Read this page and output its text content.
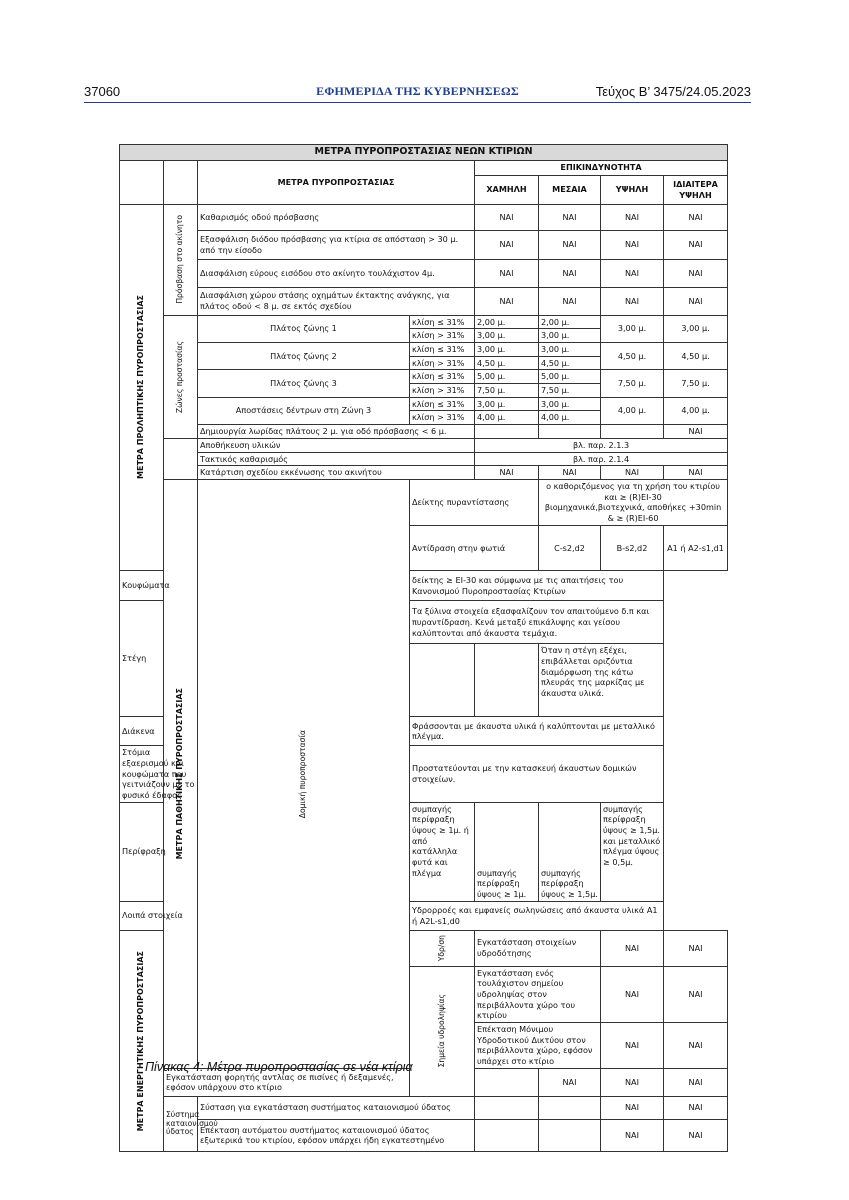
37060	ΕΦΗΜΕΡΙΔΑ ΤΗΣ ΚΥΒΕΡΝΗΣΕΩΣ	Τεύχος Β’ 3475/24.05.2023
ΜΕΤΡΑ ΠΥΡΟΠΡΟΣΤΑΣΙΑΣ ΝΕΩΝ ΚΤΙΡΙΩΝ								
		ΜΕΤΡΑ ΠΥΡΟΠΡΟΣΤΑΣΙΑΣ		ΕΠΙΚΙΝΔΥΝΟΤΗΤΑ				
				ΧΑΜΗΛΗ	ΜΕΣΑΙΑ	ΥΨΗΛΗ	ΙΔΙΑΙΤΕΡΑ ΥΨΗΛΗ	

ΜΕΤΡΑ ΠΡΟΛΗΠΤΙΚΗΣ ΠΥΡΟΠΡΟΣΤΑΣΙΑΣ	Πρόσβαση στο ακίνητο	Καθαρισμός οδού πρόσβασης		ΝΑΙ	ΝΑΙ	ΝΑΙ	ΝΑΙ	
		Εξασφάλιση διόδου πρόσβασης για κτίρια σε απόσταση > 30 μ. από την είσοδο		ΝΑΙ	ΝΑΙ	ΝΑΙ	ΝΑΙ	
		Διασφάλιση εύρους εισόδου στο ακίνητο τουλάχιστον 4μ.		ΝΑΙ	ΝΑΙ	ΝΑΙ	ΝΑΙ	
		Διασφάλιση χώρου στάσης οχημάτων έκτακτης ανάγκης, για πλάτος οδού < 8 μ. σε εκτός σχεδίου		ΝΑΙ	ΝΑΙ	ΝΑΙ	ΝΑΙ	

	Ζώνες προστασίας	Πλάτος ζώνης 1	κλίση ≤ 31%	2,00 μ.	2,00 μ.	3,00 μ.	3,00 μ.	
			κλίση > 31%	3,00 μ.	3,00 μ.			
		Πλάτος ζώνης 2	κλίση ≤ 31%	3,00 μ.	3,00 μ.	4,50 μ.	4,50 μ.	
			κλίση > 31%	4,50 μ.	4,50 μ.			
		Πλάτος ζώνης 3	κλίση ≤ 31%	5,00 μ.	5,00 μ.	7,50 μ.	7,50 μ.	
			κλίση > 31%	7,50 μ.	7,50 μ.			
		Αποστάσεις δέντρων στη Ζώνη 3	κλίση ≤ 31%	3,00 μ.	3,00 μ.	4,00 μ.	4,00 μ.	
			κλίση > 31%	4,00 μ.	4,00 μ.			
		Δημιουργία λωρίδας πλάτους 2 μ. για οδό πρόσβασης < 6 μ.					ΝΑΙ	
		Αποθήκευση υλικών		βλ. παρ. 2.1.3				
		Τακτικός καθαρισμός		βλ. παρ. 2.1.4				
		Κατάρτιση σχεδίου εκκένωσης του ακινήτου		ΝΑΙ	ΝΑΙ	ΝΑΙ	ΝΑΙ	

	ΜΕΤΡΑ ΠΑΘΗΤΙΚΗΣ ΠΥΡΟΠΡΟΣΤΑΣΙΑΣ	Δομική πυροπροστασία	Δείκτης πυραντίστασης		ο καθοριζόμενος για τη χρήση του κτιρίου και ≥ (R)EI-30
βιομηχανικά,βιοτεχνικά, αποθήκες +30min & ≥ (R)EI-60			

			Αντίδραση στην φωτιά		C-s2,d2	B-s2,d2	A1 ή A2-s1,d1	
Κουφώματα			δείκτης ≥ EI-30 και σύμφωνα με τις απαιτήσεις του Κανονισμού Πυροπροστασίας Κτιρίων					
Στέγη			Τα ξύλινα στοιχεία εξασφαλίζουν τον απαιτούμενο δ.π και πυραντίδραση. Κενά μεταξύ επικάλυψης και γείσου καλύπτονται από άκαυστα τεμάχια.					
					Όταν η στέγη εξέχει, επιβάλλεται οριζόντια διαμόρφωση της κάτω πλευράς της μαρκίζας με άκαυστα υλικά.			
Διάκενα			Φράσσονται με άκαυστα υλικά ή καλύπτονται με μεταλλικό πλέγμα.					
Στόμια εξαερισμού και κουφώματα που γειτνιάζουν με το φυσικό έδαφος			Προστατεύονται με την κατασκευή άκαυστων δομικών στοιχείων.					
Περίφραξη			συμπαγής περίφραξη ύψους ≥ 1μ. ή από κατάλληλα φυτά και πλέγμα	συμπαγής περίφραξη ύψους ≥ 1μ.	συμπαγής περίφραξη ύψους ≥ 1,5μ.	συμπαγής περίφραξη ύψους ≥ 1,5μ. και μεταλλικό πλέγμα ύψους ≥ 0,5μ.		
Λοιπά στοιχεία			Υδρορροές και εμφανείς σωληνώσεις από άκαυστα υλικά A1 ή A2L-s1,d0					

ΜΕΤΡΑ ΕΝΕΡΓΗΤΙΚΗΣ ΠΥΡΟΠΡΟΣΤΑΣΙΑΣ			Υδρ/ση	Εγκατάσταση στοιχείων υδροδότησης		ΝΑΙ	ΝΑΙ		

			Σημεία υδροληψίας	Εγκατάσταση ενός τουλάχιστον σημείου υδροληψίας στον περιβάλλοντα χώρο του κτιρίου		ΝΑΙ	ΝΑΙ		
				Επέκταση Μόνιμου Υδροδοτικού Δικτύου στον περιβάλλοντα χώρο, εφόσον υπάρχει στο κτίριο		ΝΑΙ	ΝΑΙ		
	Εγκατάσταση φορητής αντλίας σε πισίνες ή δεξαμενές, εφόσον υπάρχουν στο κτίριο				ΝΑΙ	ΝΑΙ	ΝΑΙ	
	Σύστημα καταιονισμού ύδατος	Σύσταση για εγκατάσταση συστήματος καταιονισμού ύδατος				ΝΑΙ	ΝΑΙ	
		Επέκταση αυτόματου συστήματος καταιονισμού ύδατος εξωτερικά του κτιρίου, εφόσον υπάρχει ήδη εγκατεστημένο				ΝΑΙ	ΝΑΙ	
Πίνακας 4: Μέτρα πυροπροστασίας σε νέα κτίρια
